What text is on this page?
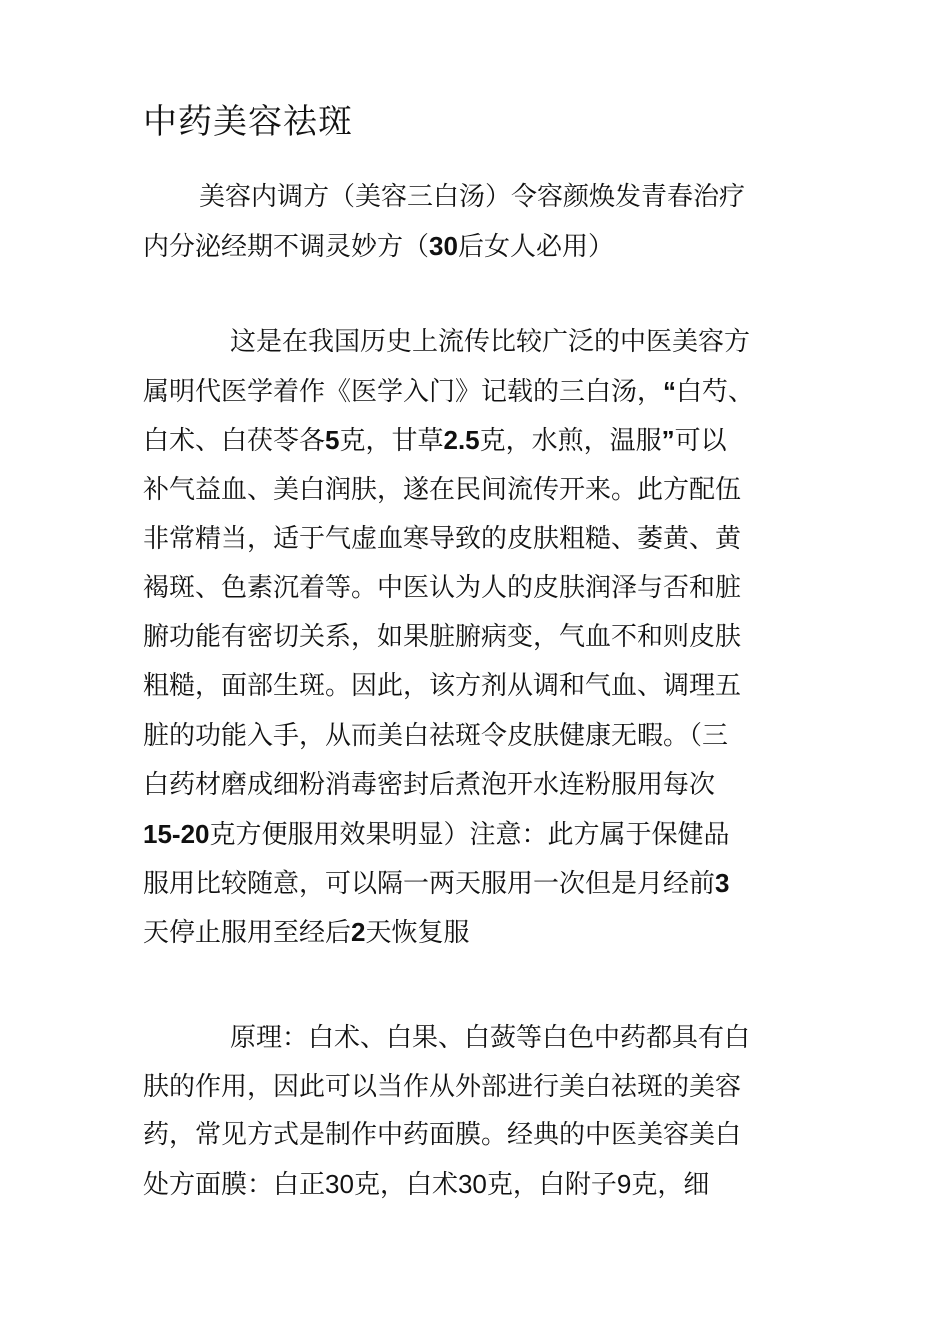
中药美容祛斑

美容内调方（美容三白汤）令容颜焕发青春治疗

内分泌经期不调灵妙方（30后女人必用）

这是在我国历史上流传比较广泛的中医美容方

属明代医学着作《医学入门》记载的三白汤，“白芍、

白术、白茯苓各5克，甘草2.5克，水煎，温服”可以

补气益血、美白润肤，遂在民间流传开来。此方配伍

非常精当，适于气虚血寒导致的皮肤粗糙、萎黄、黄

褐斑、色素沉着等。中医认为人的皮肤润泽与否和脏

腑功能有密切关系，如果脏腑病变，气血不和则皮肤

粗糙，面部生斑。因此，该方剂从调和气血、调理五

脏的功能入手，从而美白祛斑令皮肤健康无暇。（三

白药材磨成细粉消毒密封后煮泡开水连粉服用每次

15-20克方便服用效果明显）注意：此方属于保健品

服用比较随意，可以隔一两天服用一次但是月经前3

天停止服用至经后2天恢复服

原理：白术、白果、白蔹等白色中药都具有白

肤的作用，因此可以当作从外部进行美白祛斑的美容

药，常见方式是制作中药面膜。经典的中医美容美白

处方面膜：白正30克，白术30克，白附子9克，细
